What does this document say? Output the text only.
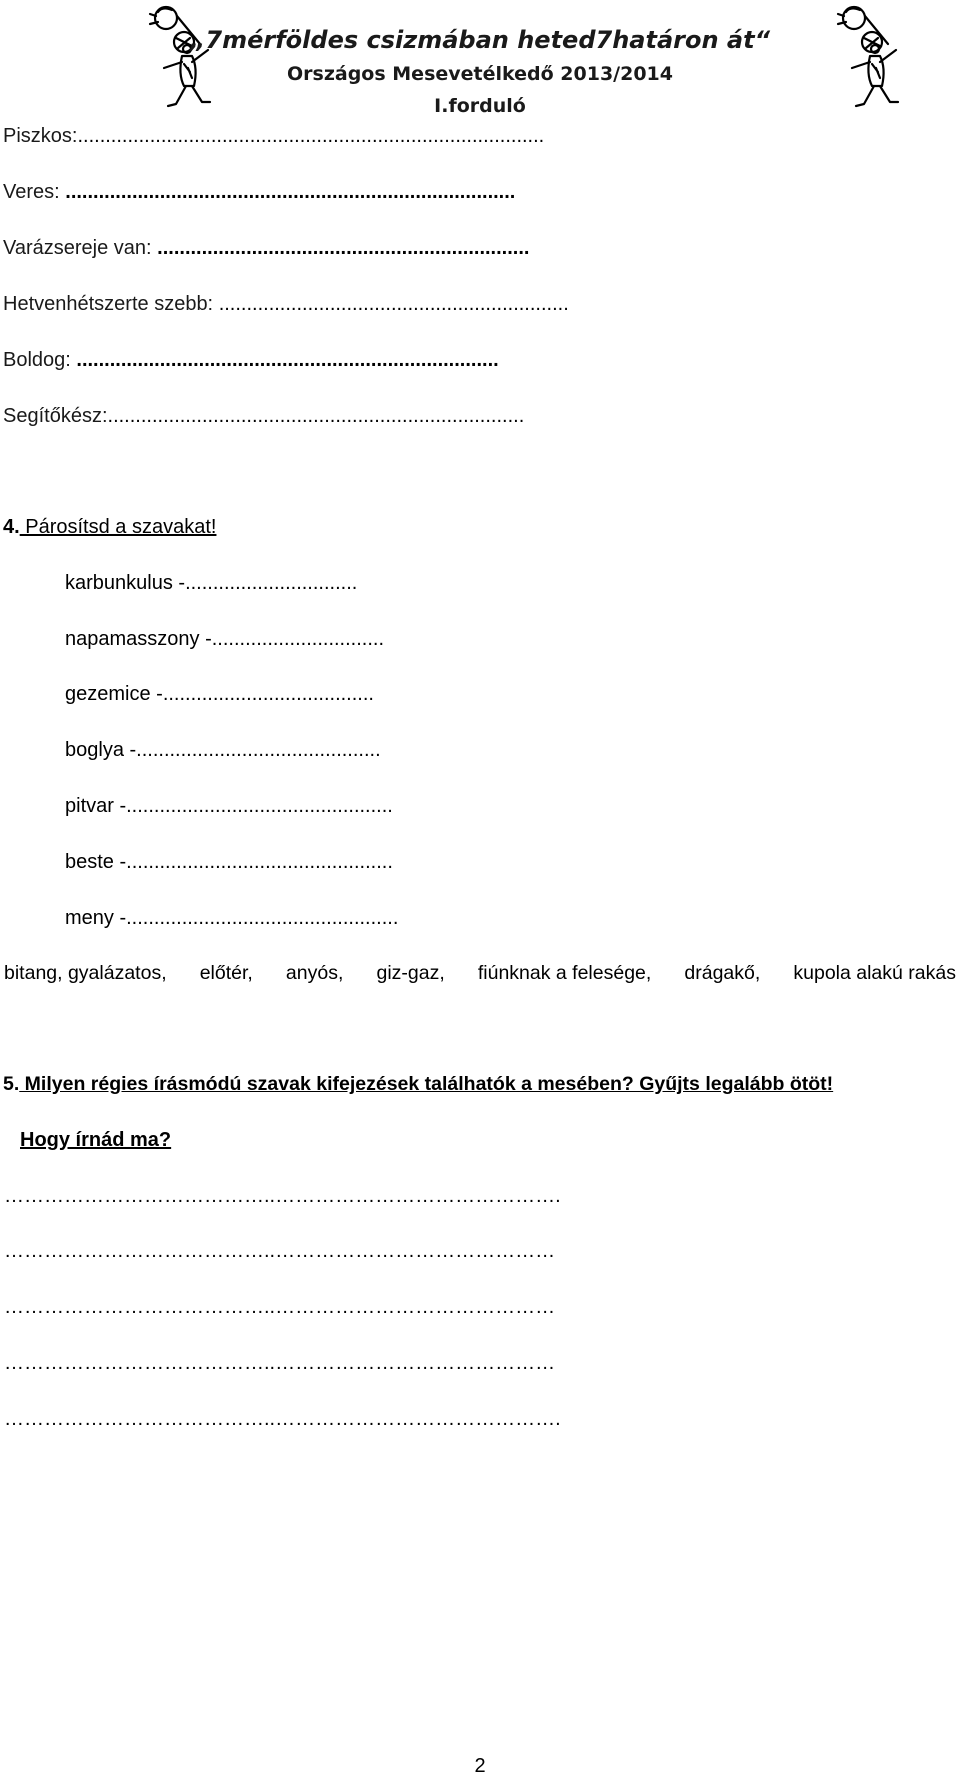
„7mérföldes csizmában heted7határon át“
Országos Mesevetélkedő 2013/2014
I.forduló
Piszkos:....................................................................................
Veres: .................................................................................
Varázsereje van: ...................................................................
Hetvenhétszerte szebb: ...............................................................
Boldog: ............................................................................
Segítőkész:...........................................................................
4. Párosítsd a szavakat!
karbunkulus -...............................
napamasszony -...............................
gezemice -......................................
boglya -............................................
pitvar -................................................
beste -................................................
meny -.................................................
bitang, gyalázatos, előtér, anyós, giz-gaz, fiúnknak a felesége, drágakő, kupola alakú rakás
5. Milyen régies írásmódú szavak kifejezések találhatók a mesében? Gyűjts legalább ötöt!
Hogy írnád ma?
…………………………………..…………………………………….
…………………………………..……………………………………
…………………………………..……………………………………
…………………………………..……………………………………
…………………………………..…………………………………….
2
